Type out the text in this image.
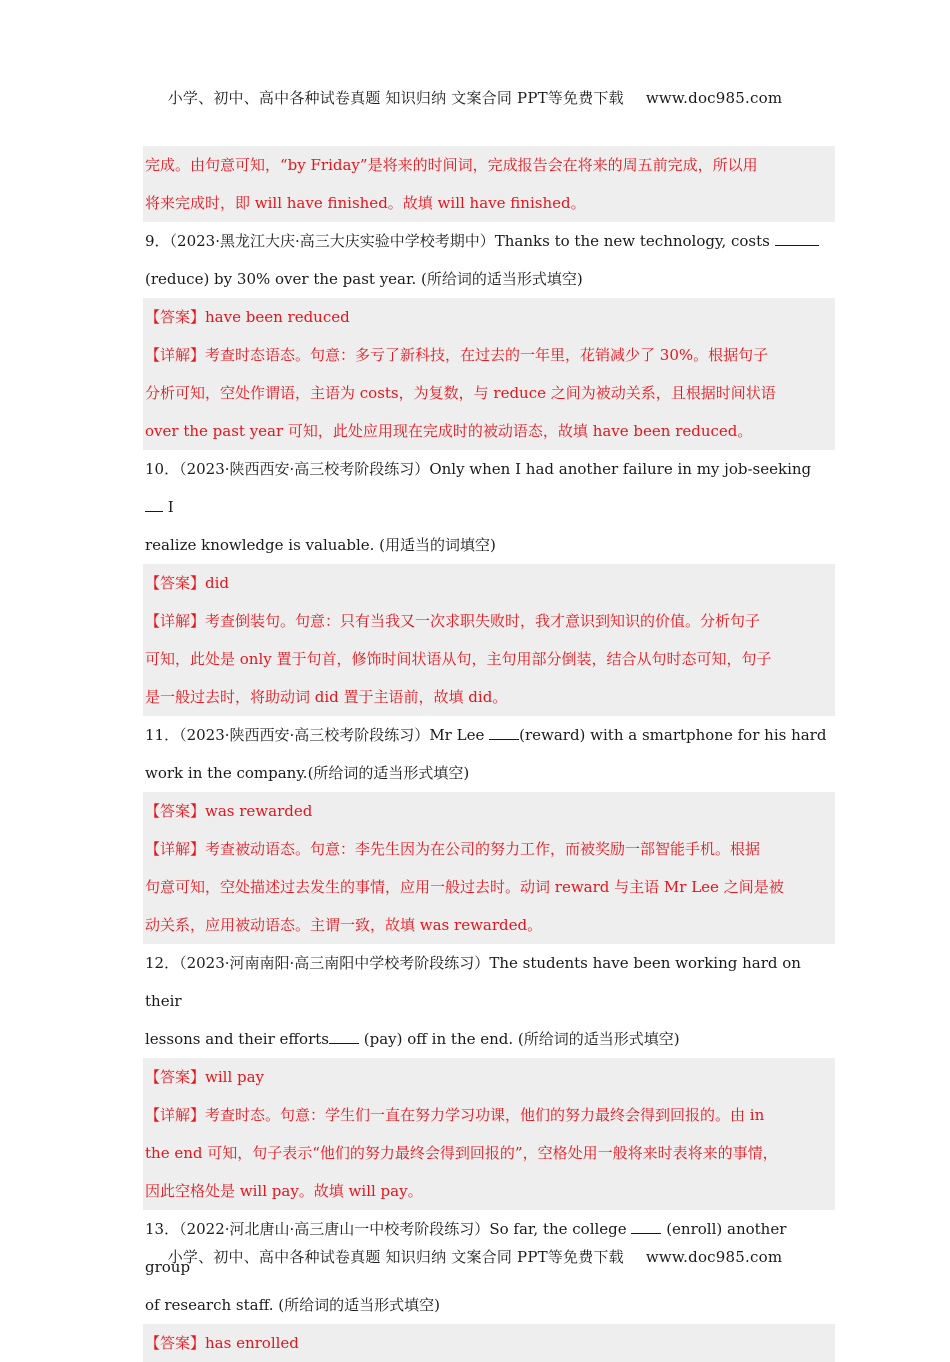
小学、初中、高中各种试卷真题 知识归纳 文案合同 PPT等免费下载 www.doc985.com
完成。由句意可知，“by Friday”是将来的时间词，完成报告会在将来的周五前完成，所以用
将来完成时，即 will have finished。故填 will have finished。
9．（2023·黑龙江大庆·高三大庆实验中学校考期中）Thanks to the new technology, costs
(reduce) by 30% over the past year. (所给词的适当形式填空)
【答案】have been reduced
【详解】考查时态语态。句意：多亏了新科技，在过去的一年里，花销减少了 30%。根据句子
分析可知，空处作谓语，主语为 costs，为复数，与 reduce 之间为被动关系，且根据时间状语
over the past year 可知，此处应用现在完成时的被动语态，故填 have been reduced。
10．（2023·陕西西安·高三校考阶段练习）Only when I had another failure in my job-seeking  I
realize knowledge is valuable. (用适当的词填空)
【答案】did
【详解】考查倒装句。句意：只有当我又一次求职失败时，我才意识到知识的价值。分析句子
可知，此处是 only 置于句首，修饰时间状语从句，主句用部分倒装，结合从句时态可知，句子
是一般过去时，将助动词 did 置于主语前，故填 did。
11．（2023·陕西西安·高三校考阶段练习）Mr Lee (reward) with a smartphone for his hard
work in the company.(所给词的适当形式填空)
【答案】was rewarded
【详解】考查被动语态。句意：李先生因为在公司的努力工作，而被奖励一部智能手机。根据
句意可知，空处描述过去发生的事情，应用一般过去时。动词 reward 与主语 Mr Lee 之间是被
动关系，应用被动语态。主谓一致，故填 was rewarded。
12．（2023·河南南阳·高三南阳中学校考阶段练习）The students have been working hard on their
lessons and their efforts (pay) off in the end. (所给词的适当形式填空)
【答案】will pay
【详解】考查时态。句意：学生们一直在努力学习功课，他们的努力最终会得到回报的。由 in
the end 可知，句子表示“他们的努力最终会得到回报的”，空格处用一般将来时表将来的事情，
因此空格处是 will pay。故填 will pay。
13．（2022·河北唐山·高三唐山一中校考阶段练习）So far, the college  (enroll) another group
of research staff. (所给词的适当形式填空)
【答案】has enrolled
小学、初中、高中各种试卷真题 知识归纳 文案合同 PPT等免费下载 www.doc985.com
